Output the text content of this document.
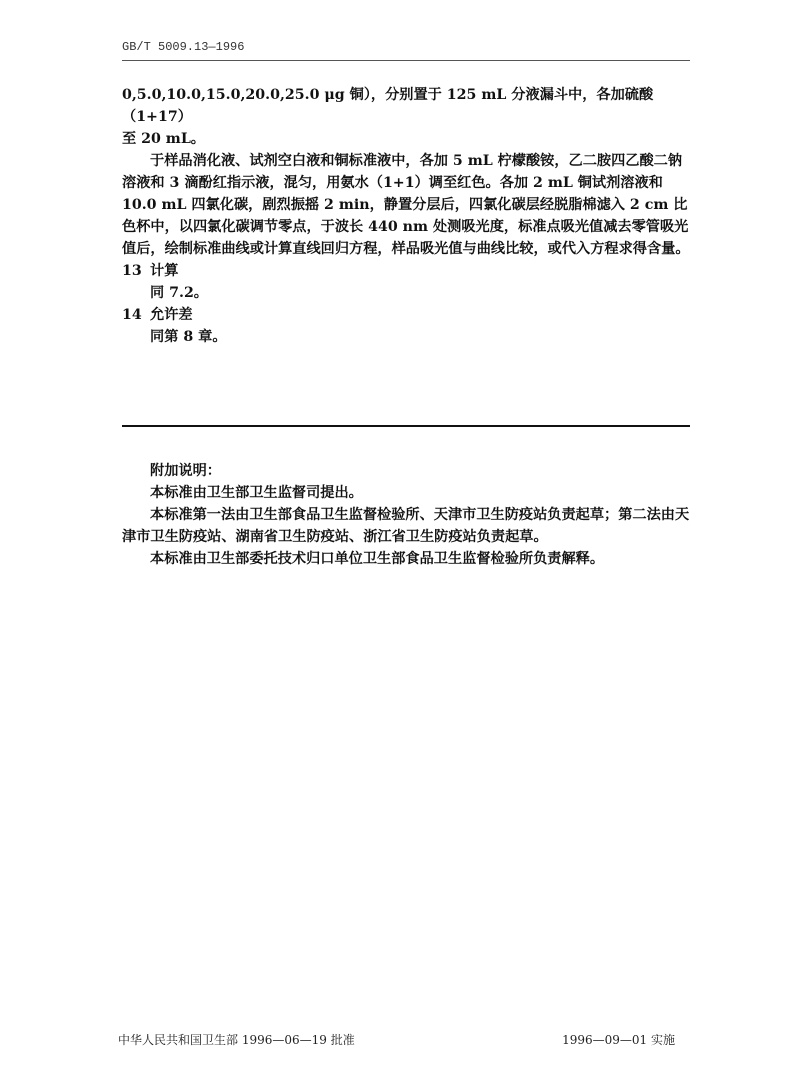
GB/T 5009.13—1996

0,5.0,10.0,15.0,20.0,25.0 μg 铜），分别置于 125 mL 分液漏斗中，各加硫酸（1+17）

至 20 mL。

于样品消化液、试剂空白液和铜标准液中，各加 5 mL 柠檬酸铵，乙二胺四乙酸二钠溶液和 3 滴酚红指示液，混匀，用氨水（1+1）调至红色。各加 2 mL 铜试剂溶液和 10.0 mL 四氯化碳，剧烈振摇 2 min，静置分层后，四氯化碳层经脱脂棉滤入 2 cm 比色杯中，以四氯化碳调节零点，于波长 440 nm 处测吸光度，标准点吸光值减去零管吸光值后，绘制标准曲线或计算直线回归方程，样品吸光值与曲线比较，或代入方程求得含量。

13 计算

同 7.2。

14 允许差

同第 8 章。

附加说明：

本标准由卫生部卫生监督司提出。

本标准第一法由卫生部食品卫生监督检验所、天津市卫生防疫站负责起草；第二法由天津市卫生防疫站、湖南省卫生防疫站、浙江省卫生防疫站负责起草。

本标准由卫生部委托技术归口单位卫生部食品卫生监督检验所负责解释。

中华人民共和国卫生部 1996—06—19 批准	1996—09—01 实施
